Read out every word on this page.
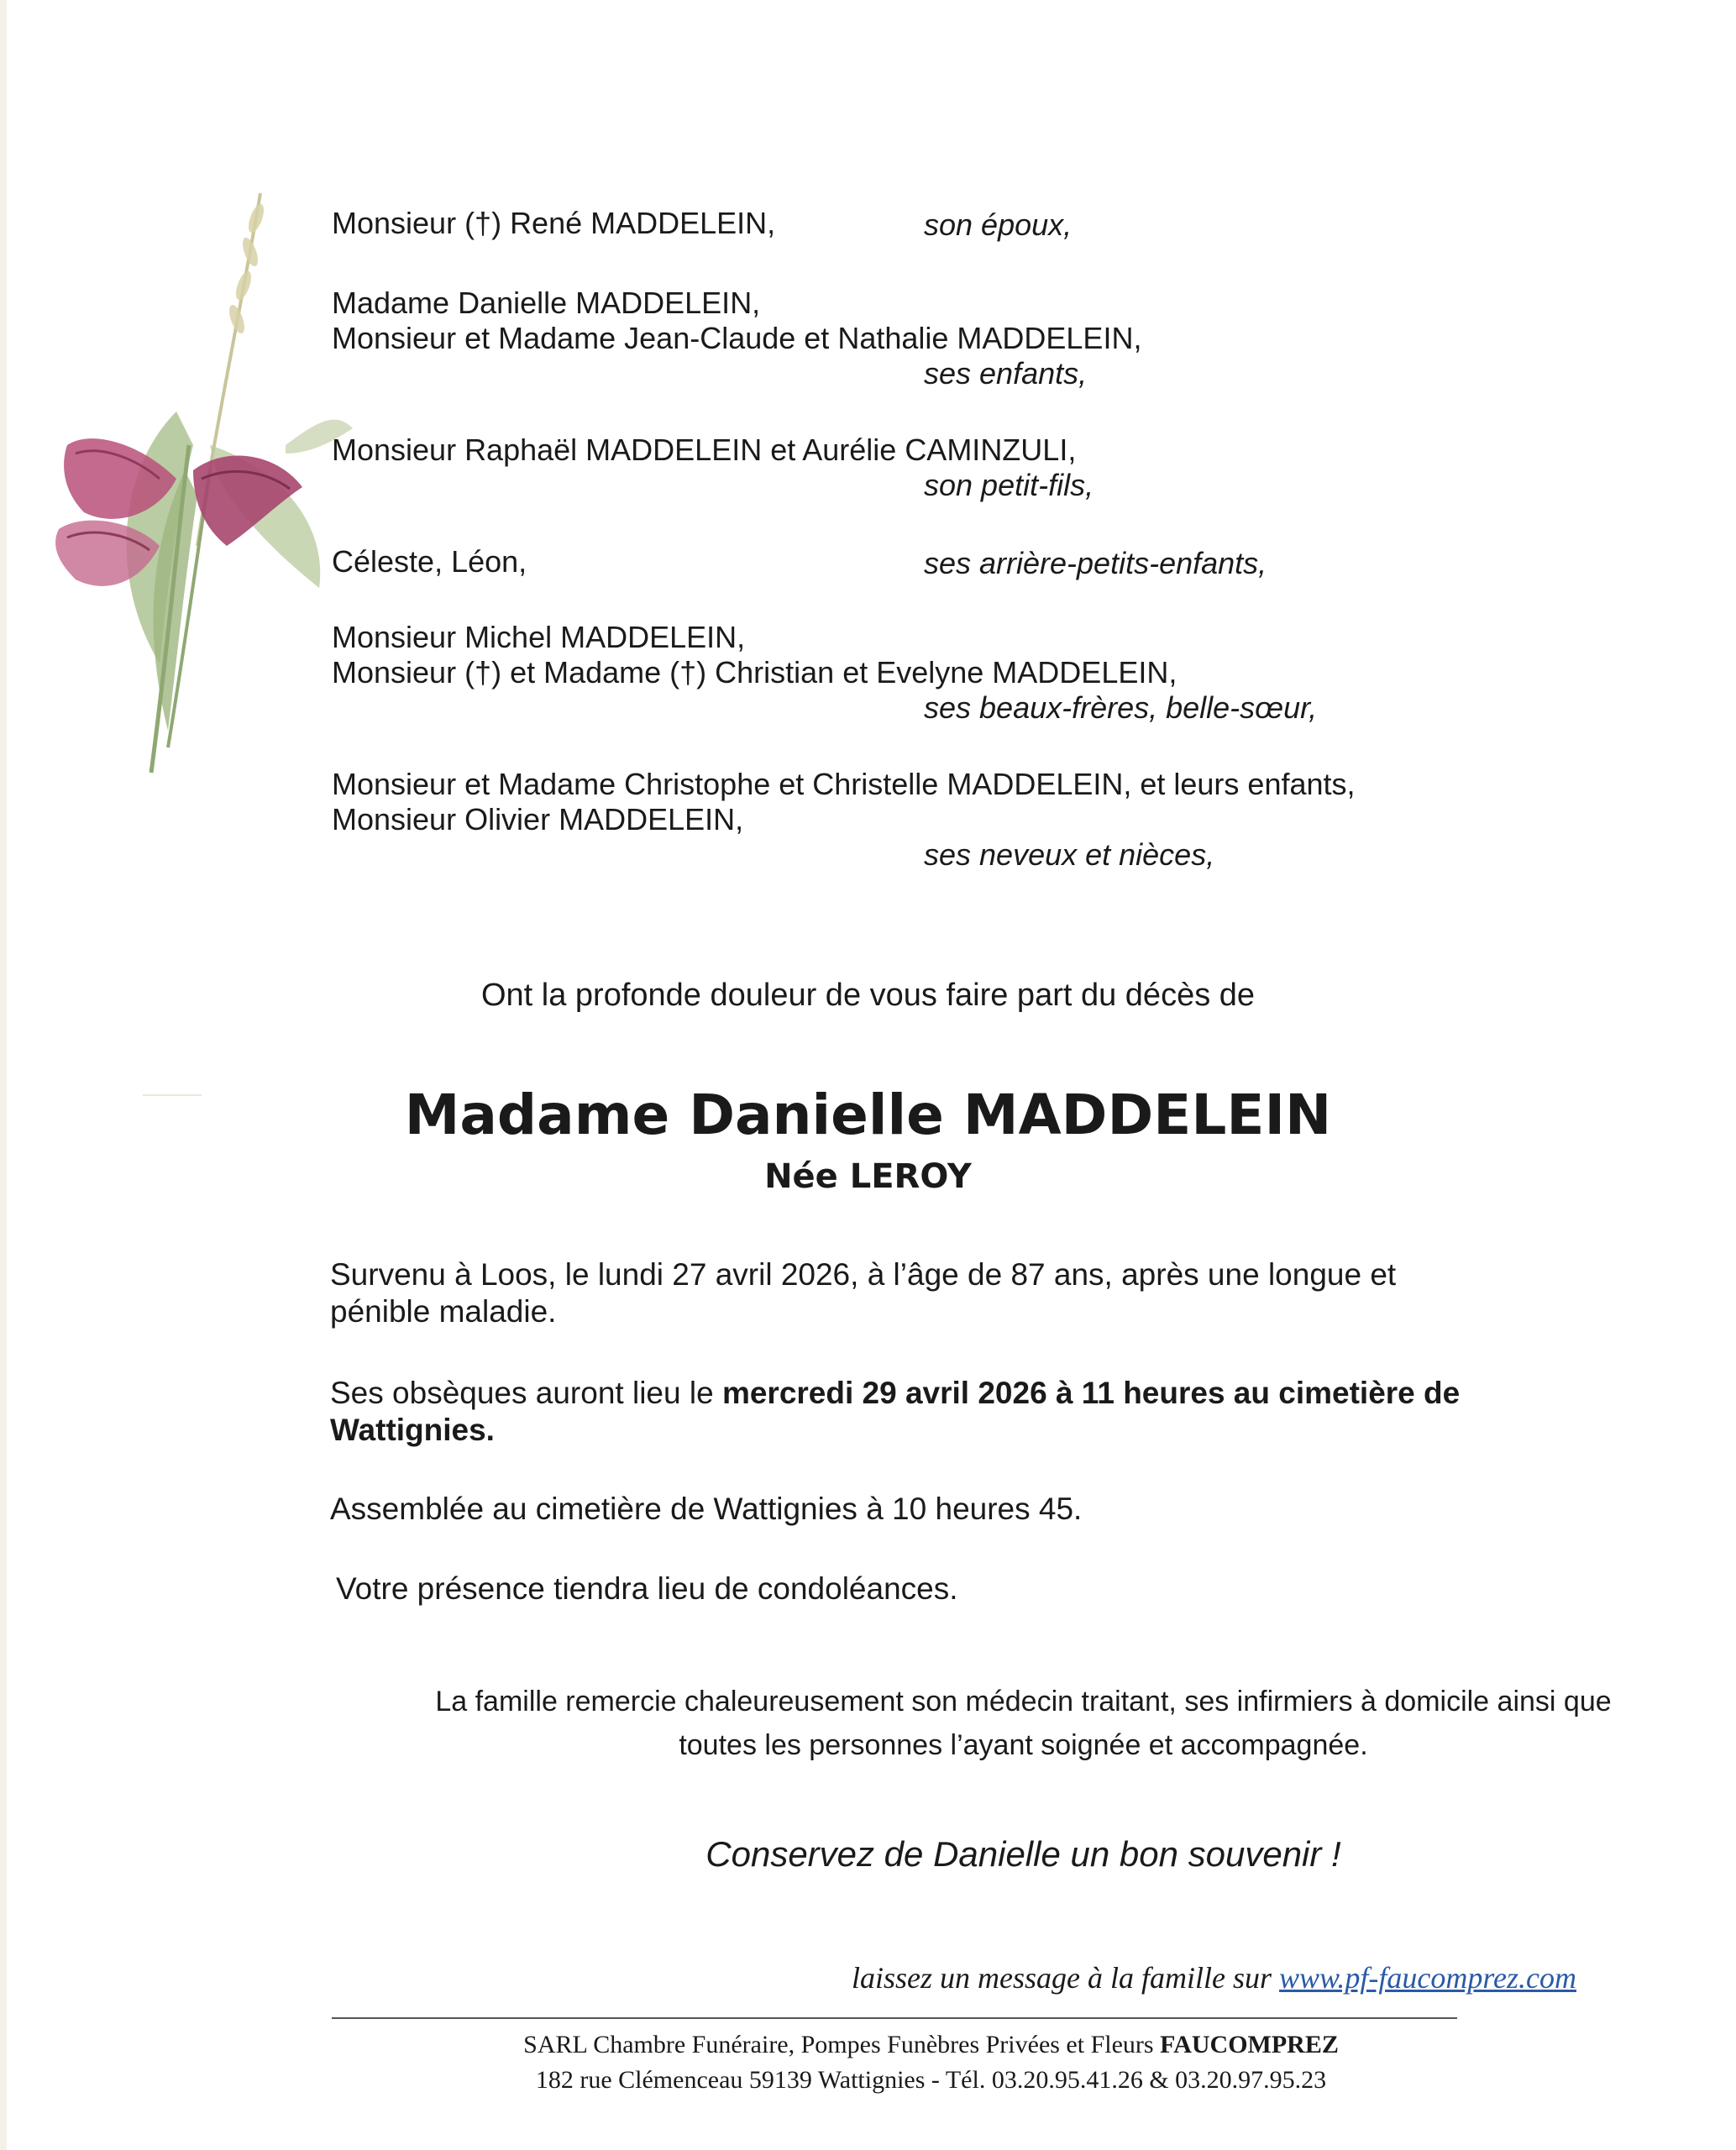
Monsieur (†) René MADDELEIN,	son époux,
Madame Danielle MADDELEIN,
Monsieur et Madame Jean-Claude et Nathalie MADDELEIN,
ses enfants,
Monsieur Raphaël MADDELEIN et Aurélie CAMINZULI,
son petit-fils,
Céleste, Léon,	ses arrière-petits-enfants,
Monsieur Michel MADDELEIN,
Monsieur (†) et Madame (†) Christian et Evelyne MADDELEIN,
ses beaux-frères, belle-sœur,
Monsieur et Madame Christophe et Christelle MADDELEIN, et leurs enfants,
Monsieur Olivier MADDELEIN,
ses neveux et nièces,
Ont la profonde douleur de vous faire part du décès de
Madame Danielle MADDELEIN
Née LEROY
Survenu à Loos, le lundi 27 avril 2026, à l’âge de 87 ans, après une longue et
pénible maladie.
Ses obsèques auront lieu le mercredi 29 avril 2026 à 11 heures au cimetière de
Wattignies.
Assemblée au cimetière de Wattignies à 10 heures 45.
Votre présence tiendra lieu de condoléances.
La famille remercie chaleureusement son médecin traitant, ses infirmiers à domicile ainsi que
toutes les personnes l’ayant soignée et accompagnée.
Conservez de Danielle un bon souvenir !
laissez un message à la famille sur www.pf-faucomprez.com
SARL Chambre Funéraire, Pompes Funèbres Privées et Fleurs FAUCOMPREZ
182 rue Clémenceau 59139 Wattignies - Tél. 03.20.95.41.26 & 03.20.97.95.23
